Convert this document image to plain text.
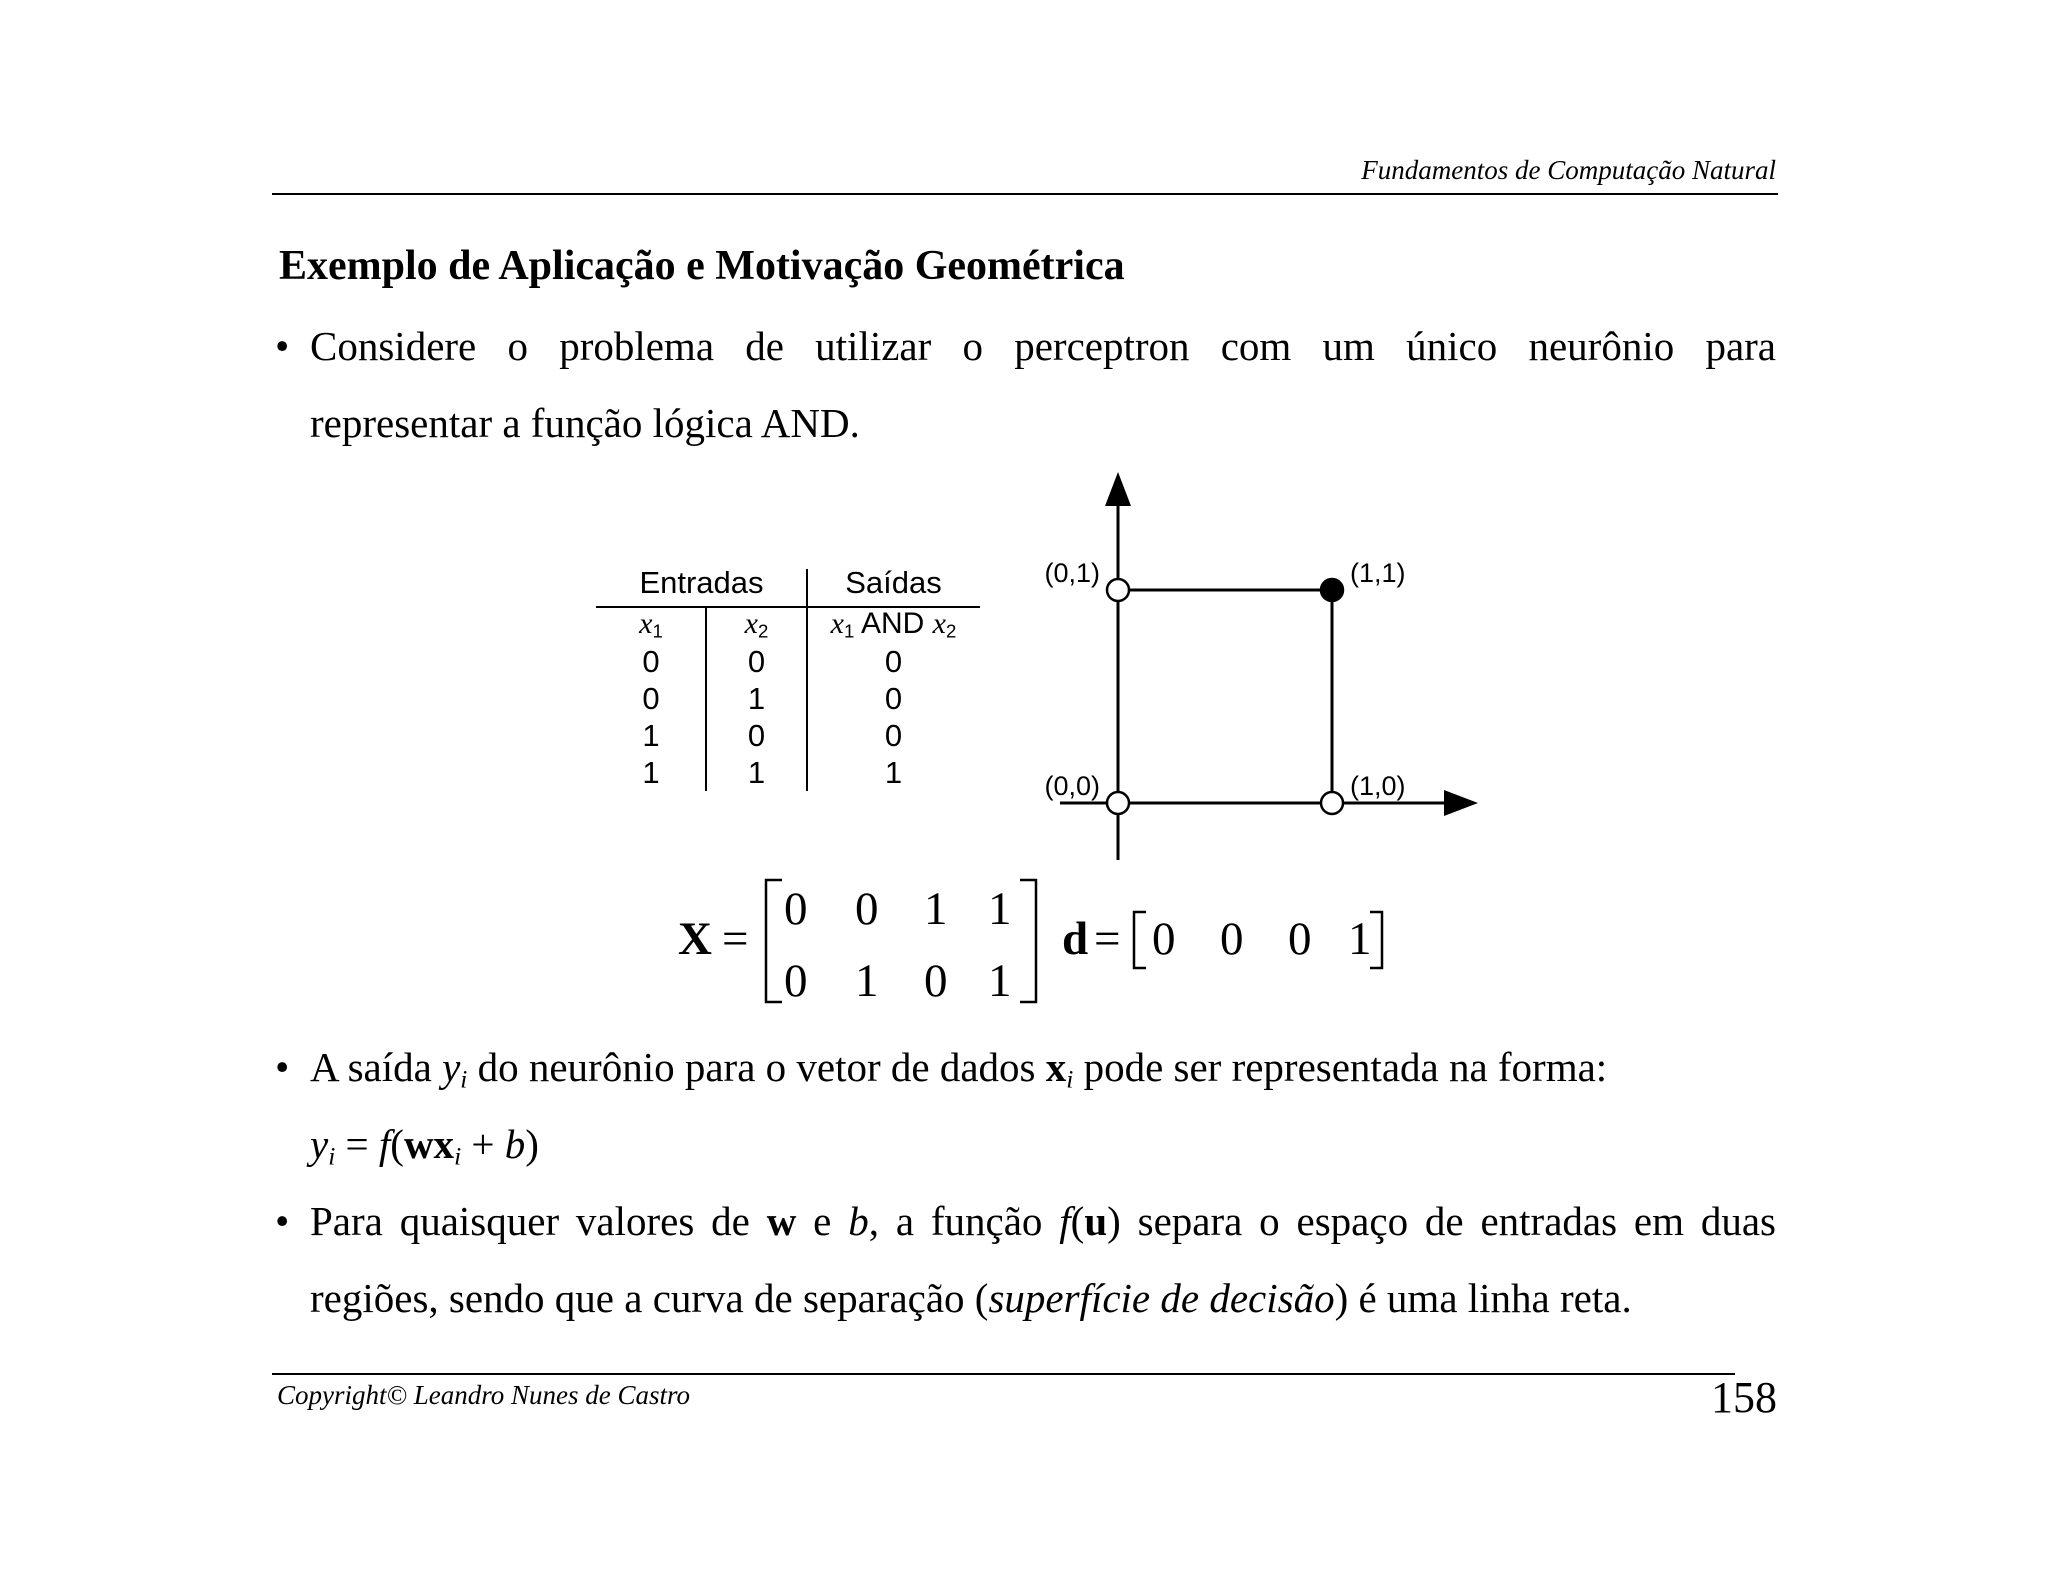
Fundamentos de Computação Natural
Exemplo de Aplicação e Motivação Geométrica
• Considere o problema de utilizar o perceptron com um único neurônio para
representar a função lógica AND.
Entradas	Saídas
$x_1$	$x_2$	$x_1$ AND $x_2$
0	0	0
0	1	0
1	0	0
1	1	1	(0,0)
(0,1)
(1,0)
(1,1)
X =
0 0 1 1
0 1 0 1
d = 0 0 0 1
• A saída $y_i$ do neurônio para o vetor de dados $x_i$ pode ser representada na forma:
$y_i = f(wx_i + b)$
• Para quaisquer valores de w e b, a função f(u) separa o espaço de entradas em duas
regiões, sendo que a curva de separação (superfície de decisão) é uma linha reta.
Copyright© Leandro Nunes de Castro	158
